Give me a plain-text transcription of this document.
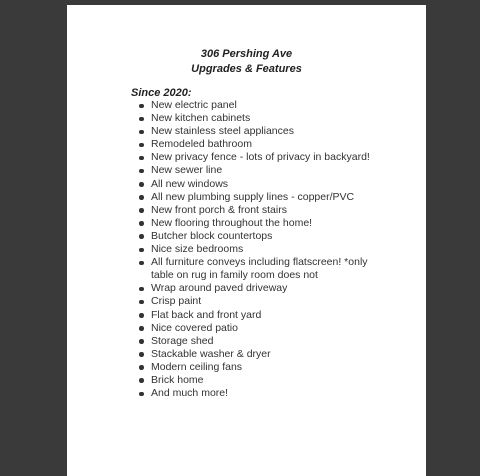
306 Pershing Ave
Upgrades & Features

Since 2020:

New electric panel
New kitchen cabinets
New stainless steel appliances
Remodeled bathroom
New privacy fence - lots of privacy in backyard!
New sewer line
All new windows
All new plumbing supply lines - copper/PVC
New front porch & front stairs
New flooring throughout the home!
Butcher block countertops
Nice size bedrooms
All furniture conveys including flatscreen! *only table on rug in family room does not
Wrap around paved driveway
Crisp paint
Flat back and front yard
Nice covered patio
Storage shed
Stackable washer & dryer
Modern ceiling fans
Brick home
And much more!
